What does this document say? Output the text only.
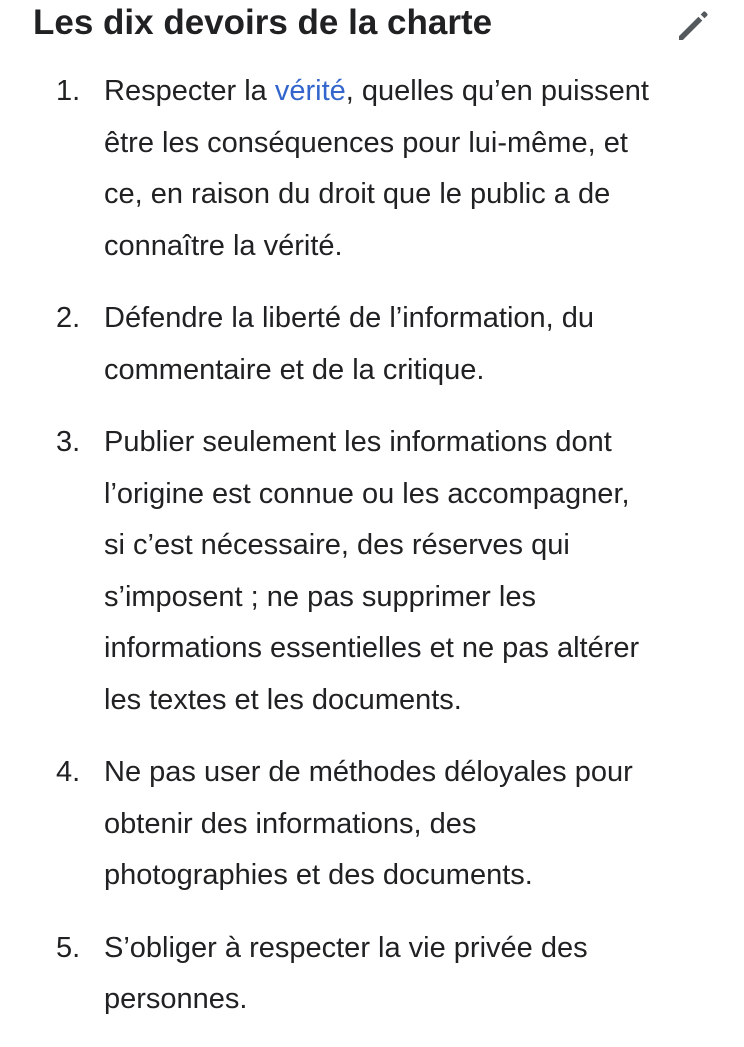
Les dix devoirs de la charte
1. Respecter la vérité, quelles qu’en puissent
être les conséquences pour lui-même, et
ce, en raison du droit que le public a de
connaître la vérité.
2. Défendre la liberté de l’information, du
commentaire et de la critique.
3. Publier seulement les informations dont
l’origine est connue ou les accompagner,
si c’est nécessaire, des réserves qui
s’imposent ; ne pas supprimer les
informations essentielles et ne pas altérer
les textes et les documents.
4. Ne pas user de méthodes déloyales pour
obtenir des informations, des
photographies et des documents.
5. S’obliger à respecter la vie privée des
personnes.
